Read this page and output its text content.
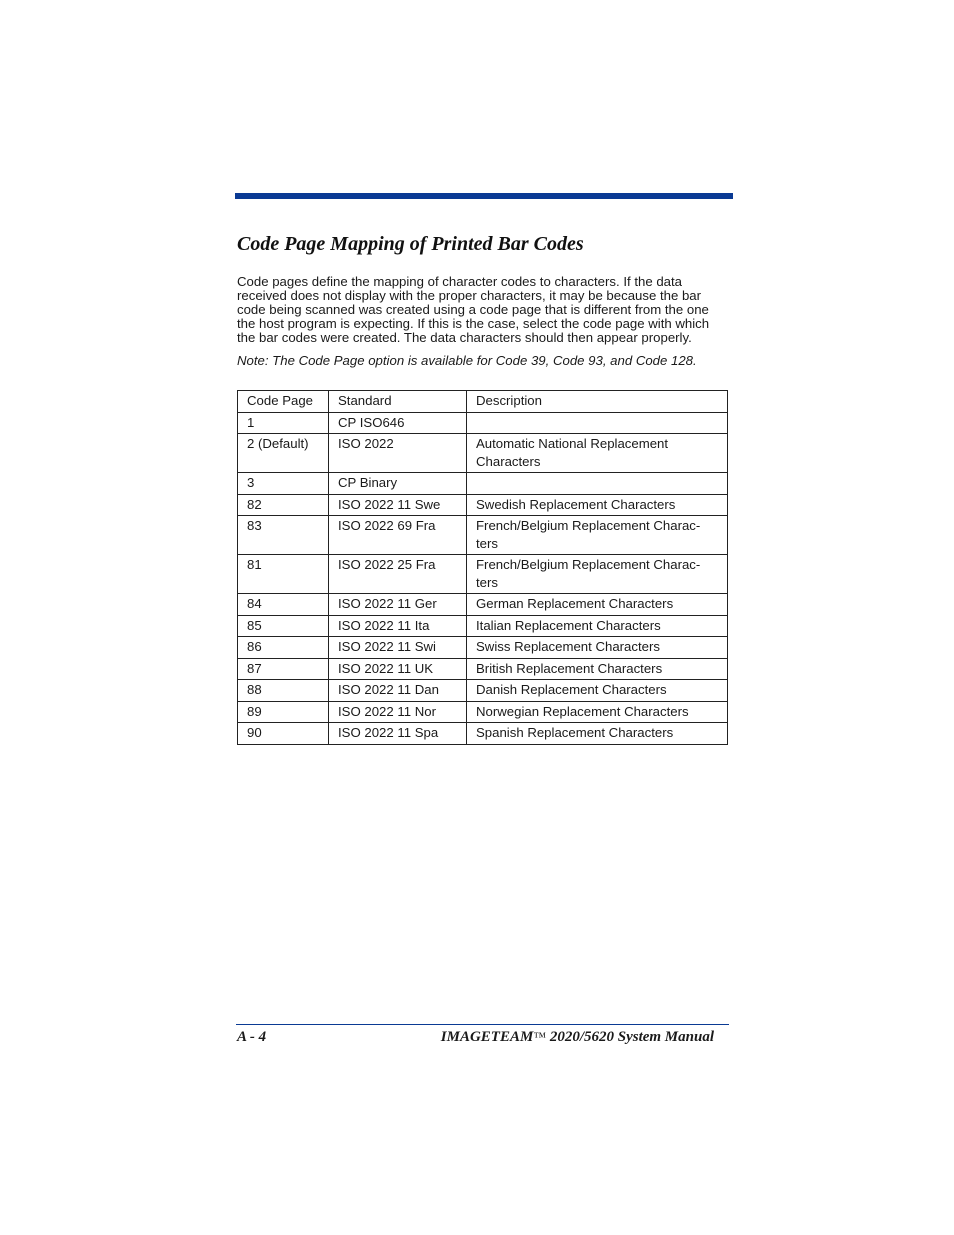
Code Page Mapping of Printed Bar Codes

Code pages define the mapping of character codes to characters. If the data received does not display with the proper characters, it may be because the bar code being scanned was created using a code page that is different from the one the host program is expecting. If this is the case, select the code page with which the bar codes were created. The data characters should then appear properly.

Note: The Code Page option is available for Code 39, Code 93, and Code 128.

Code Page	Standard	Description
1	CP ISO646	
2 (Default)	ISO 2022	Automatic National Replacement Characters
3	CP Binary	
82	ISO 2022 11 Swe	Swedish Replacement Characters
83	ISO 2022 69 Fra	French/Belgium Replacement Charac-ters
81	ISO 2022 25 Fra	French/Belgium Replacement Charac-ters
84	ISO 2022 11 Ger	German Replacement Characters
85	ISO 2022 11 Ita	Italian Replacement Characters
86	ISO 2022 11 Swi	Swiss Replacement Characters
87	ISO 2022 11 UK	British Replacement Characters
88	ISO 2022 11 Dan	Danish Replacement Characters
89	ISO 2022 11 Nor	Norwegian Replacement Characters
90	ISO 2022 11 Spa	Spanish Replacement Characters
A - 4	IMAGETEAM™ 2020/5620 System Manual
